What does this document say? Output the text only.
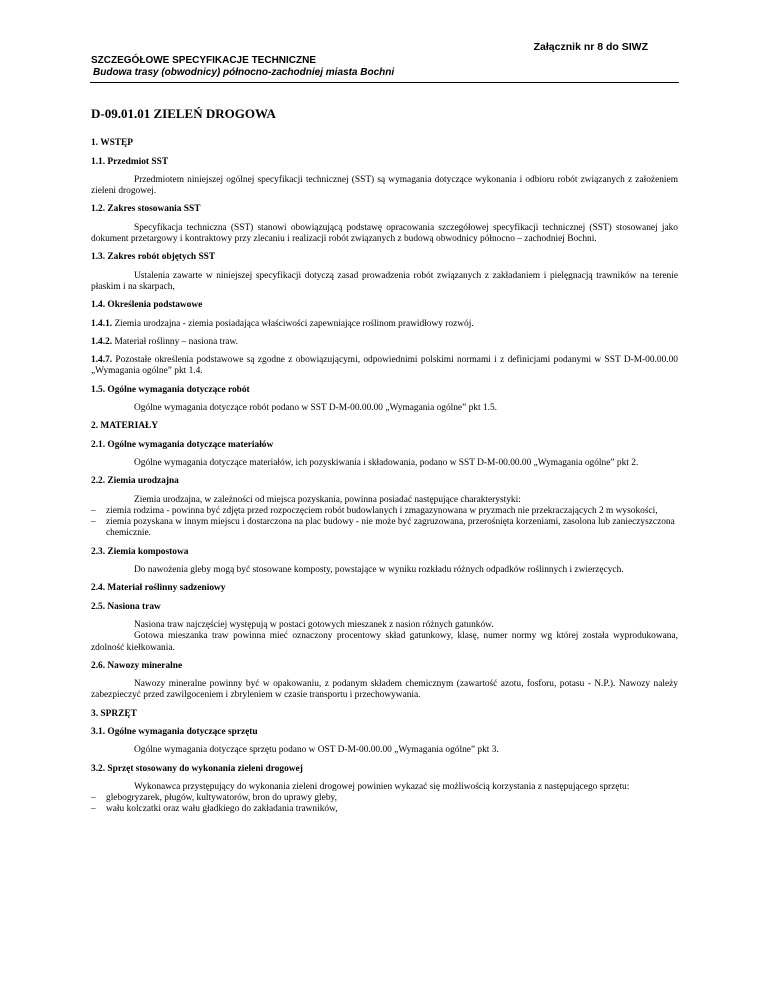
Załącznik nr 8 do SIWZ
SZCZEGÓŁOWE SPECYFIKACJE TECHNICZNE
Budowa trasy (obwodnicy) północno-zachodniej miasta Bochni
D-09.01.01 ZIELEŃ DROGOWA
1. WSTĘP
1.1. Przedmiot SST
Przedmiotem niniejszej ogólnej specyfikacji technicznej (SST) są wymagania dotyczące wykonania i odbioru robót związanych z założeniem zieleni drogowej.
1.2. Zakres stosowania SST
Specyfikacja techniczna (SST) stanowi obowiązującą podstawę opracowania szczegółowej specyfikacji technicznej (SST) stosowanej jako dokument przetargowy i kontraktowy przy zlecaniu i realizacji robót związanych z budową obwodnicy północno – zachodniej Bochni.
1.3. Zakres robót objętych SST
Ustalenia zawarte w niniejszej specyfikacji dotyczą zasad prowadzenia robót związanych z zakładaniem i pielęgnacją trawników na terenie płaskim i na skarpach,
1.4. Określenia podstawowe
1.4.1. Ziemia urodzajna - ziemia posiadająca właściwości zapewniające roślinom prawidłowy rozwój.
1.4.2. Materiał roślinny – nasiona traw.
1.4.7. Pozostałe określenia podstawowe są zgodne z obowiązującymi, odpowiednimi polskimi normami i z definicjami podanymi w SST D-M-00.00.00 „Wymagania ogólne” pkt 1.4.
1.5. Ogólne wymagania dotyczące robót
Ogólne wymagania dotyczące robót podano w SST D-M-00.00.00 „Wymagania ogólne” pkt 1.5.
2. MATERIAŁY
2.1. Ogólne wymagania dotyczące materiałów
Ogólne wymagania dotyczące materiałów, ich pozyskiwania i składowania, podano w SST D-M-00.00.00 „Wymagania ogólne” pkt 2.
2.2. Ziemia urodzajna
Ziemia urodzajna, w zależności od miejsca pozyskania, powinna posiadać następujące charakterystyki:
– ziemia rodzima - powinna być zdjęta przed rozpoczęciem robót budowlanych i zmagazynowana w pryzmach nie przekraczających 2 m wysokości,
– ziemia pozyskana w innym miejscu i dostarczona na plac budowy - nie może być zagruzowana, przerośnięta korzeniami, zasolona lub zanieczyszczona chemicznie.
2.3. Ziemia kompostowa
Do nawożenia gleby mogą być stosowane komposty, powstające w wyniku rozkładu różnych odpadków roślinnych i zwierzęcych.
2.4. Materiał roślinny sadzeniowy
2.5. Nasiona traw
Nasiona traw najczęściej występują w postaci gotowych mieszanek z nasion różnych gatunków.
Gotowa mieszanka traw powinna mieć oznaczony procentowy skład gatunkowy, klasę, numer normy wg której została wyprodukowana, zdolność kiełkowania.
2.6. Nawozy mineralne
Nawozy mineralne powinny być w opakowaniu, z podanym składem chemicznym (zawartość azotu, fosforu, potasu - N.P.). Nawozy należy zabezpieczyć przed zawilgoceniem i zbryleniem w czasie transportu i przechowywania.
3. SPRZĘT
3.1. Ogólne wymagania dotyczące sprzętu
Ogólne wymagania dotyczące sprzętu podano w OST D-M-00.00.00 „Wymagania ogólne” pkt 3.
3.2. Sprzęt stosowany do wykonania zieleni drogowej
Wykonawca przystępujący do wykonania zieleni drogowej powinien wykazać się możliwością korzystania z następującego sprzętu:
– glebogryzarek, pługów, kultywatorów, bron do uprawy gleby,
– wału kolczatki oraz wału gładkiego do zakładania trawników,
